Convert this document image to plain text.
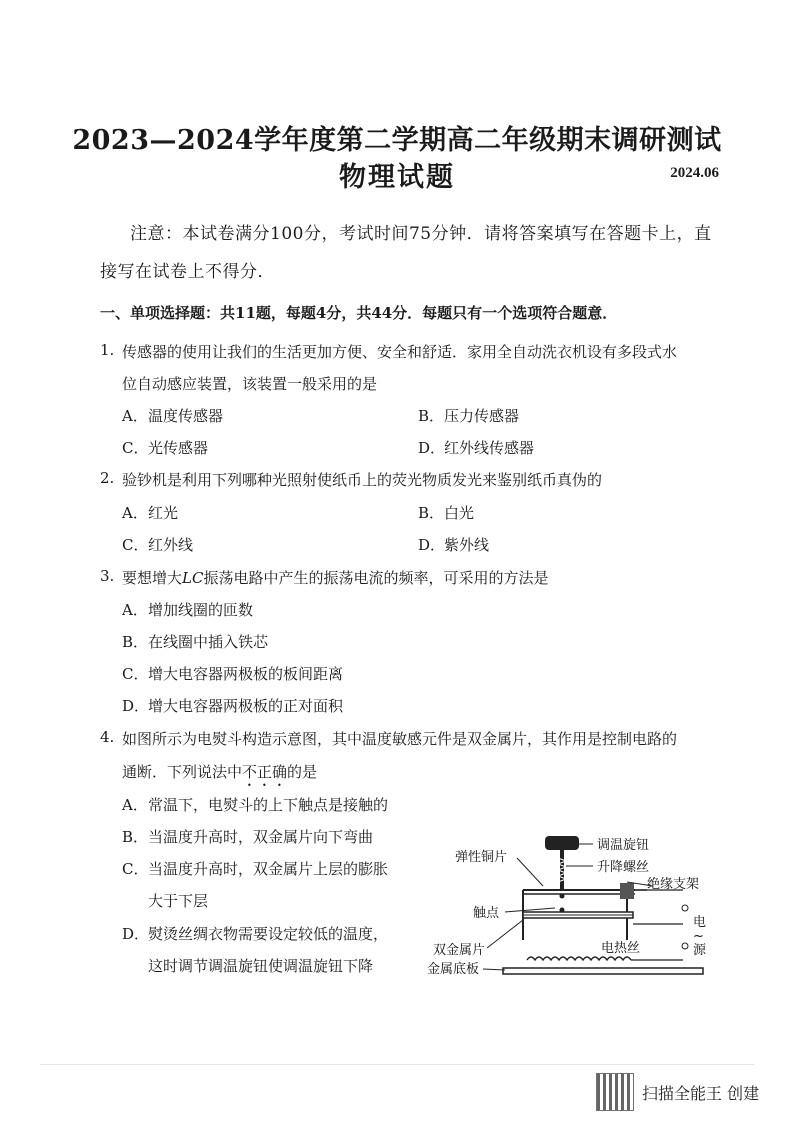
2023—2024学年度第二学期高二年级期末调研测试
物理试题	2024.06
注意：本试卷满分100分，考试时间75分钟．请将答案填写在答题卡上，直接写在试卷上不得分．
一、单项选择题：共11题，每题4分，共44分．每题只有一个选项符合题意．
1. 传感器的使用让我们的生活更加方便、安全和舒适．家用全自动洗衣机设有多段式水
位自动感应装置，该装置一般采用的是
A．温度传感器	B．压力传感器
C．光传感器	D．红外线传感器
2. 验钞机是利用下列哪种光照射使纸币上的荧光物质发光来鉴别纸币真伪的
A．红光	B．白光
C．红外线	D．紫外线
3. 要想增大LC振荡电路中产生的振荡电流的频率，可采用的方法是
A．增加线圈的匝数
B．在线圈中插入铁芯
C．增大电容器两极板的板间距离
D．增大电容器两极板的正对面积
4. 如图所示为电熨斗构造示意图，其中温度敏感元件是双金属片，其作用是控制电路的
通断．下列说法中不正确的是
A．常温下，电熨斗的上下触点是接触的
B．当温度升高时，双金属片向下弯曲
C．当温度升高时，双金属片上层的膨胀
大于下层
D．熨烫丝绸衣物需要设定较低的温度，
这时调节调温旋钮使调温旋钮下降
调温旋钮
升降螺丝
弹性铜片
绝缘支架
触点
电
~
源
双金属片	电热丝
金属底板
扫描全能王 创建
